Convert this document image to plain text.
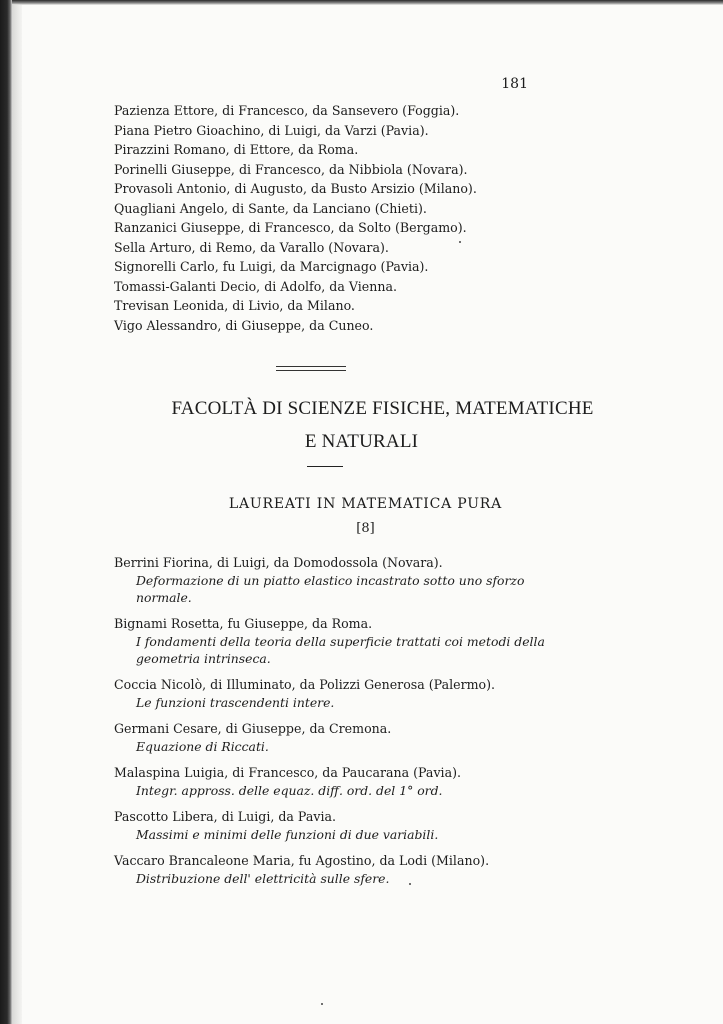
181
Pazienza Ettore, di Francesco, da Sansevero (Foggia).
Piana Pietro Gioachino, di Luigi, da Varzi (Pavia).
Pirazzini Romano, di Ettore, da Roma.
Porinelli Giuseppe, di Francesco, da Nibbiola (Novara).
Provasoli Antonio, di Augusto, da Busto Arsizio (Milano).
Quagliani Angelo, di Sante, da Lanciano (Chieti).
Ranzanici Giuseppe, di Francesco, da Solto (Bergamo).
Sella Arturo, di Remo, da Varallo (Novara).
Signorelli Carlo, fu Luigi, da Marcignago (Pavia).
Tomassi-Galanti Decio, di Adolfo, da Vienna.
Trevisan Leonida, di Livio, da Milano.
Vigo Alessandro, di Giuseppe, da Cuneo.
FACOLTÀ DI SCIENZE FISICHE, MATEMATICHE
E NATURALI
LAUREATI IN MATEMATICA PURA
[8]
Berrini Fiorina, di Luigi, da Domodossola (Novara).
Deformazione di un piatto elastico incastrato sotto uno sforzo normale.
Bignami Rosetta, fu Giuseppe, da Roma.
I fondamenti della teoria della superficie trattati coi metodi della geometria intrinseca.
Coccia Nicolò, di Illuminato, da Polizzi Generosa (Palermo).
Le funzioni trascendenti intere.
Germani Cesare, di Giuseppe, da Cremona.
Equazione di Riccati.
Malaspina Luigia, di Francesco, da Paucarana (Pavia).
Integr. appross. delle equaz. diff. ord. del 1° ord.
Pascotto Libera, di Luigi, da Pavia.
Massimi e minimi delle funzioni di due variabili.
Vaccaro Brancaleone Maria, fu Agostino, da Lodi (Milano).
Distribuzione dell' elettricità sulle sfere.
